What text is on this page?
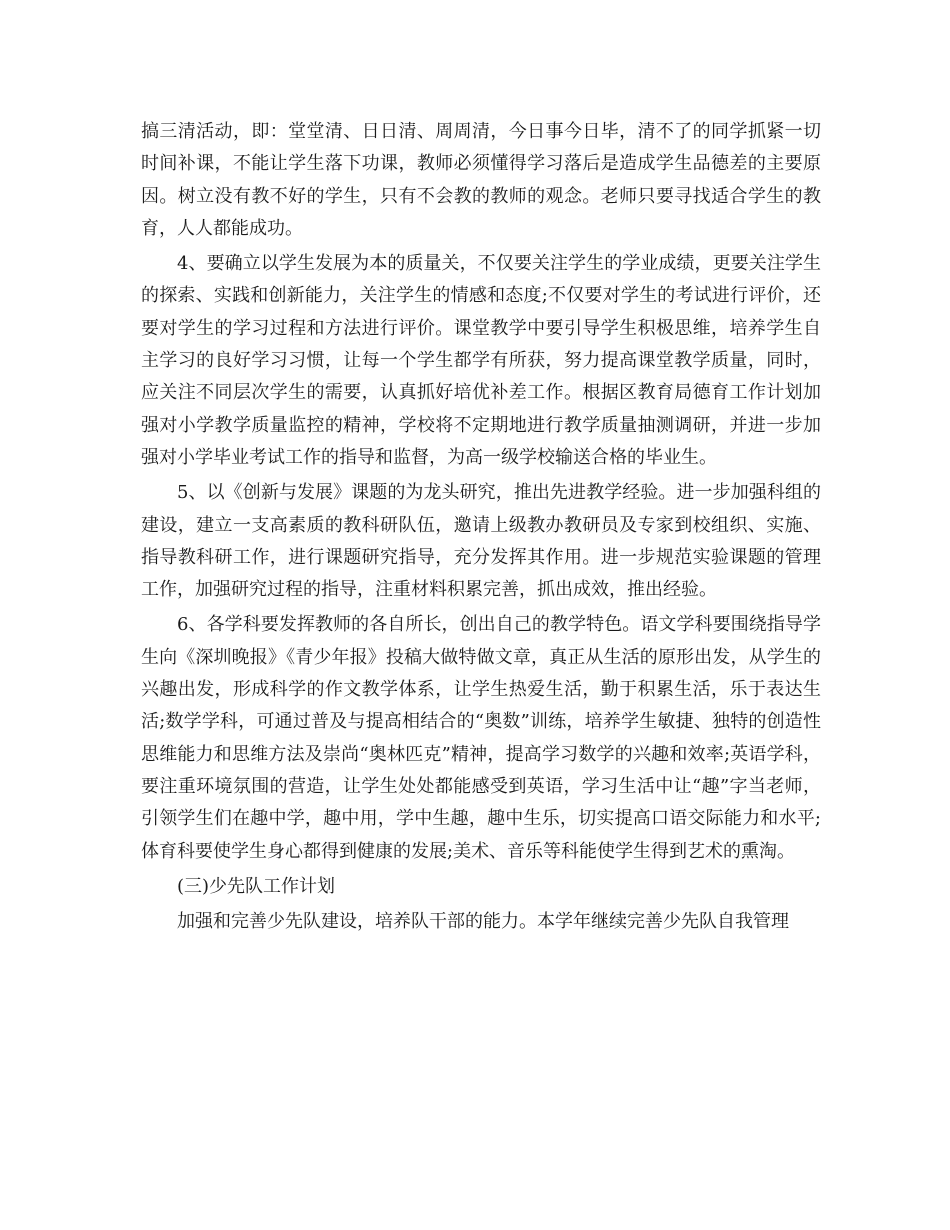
搞三清活动，即：堂堂清、日日清、周周清，今日事今日毕，清不了的同学抓紧一切时间补课，不能让学生落下功课，教师必须懂得学习落后是造成学生品德差的主要原因。树立没有教不好的学生，只有不会教的教师的观念。老师只要寻找适合学生的教育，人人都能成功。

4、要确立以学生发展为本的质量关，不仅要关注学生的学业成绩，更要关注学生的探索、实践和创新能力，关注学生的情感和态度;不仅要对学生的考试进行评价，还要对学生的学习过程和方法进行评价。课堂教学中要引导学生积极思维，培养学生自主学习的良好学习习惯，让每一个学生都学有所获，努力提高课堂教学质量，同时，应关注不同层次学生的需要，认真抓好培优补差工作。根据区教育局德育工作计划加强对小学教学质量监控的精神，学校将不定期地进行教学质量抽测调研，并进一步加强对小学毕业考试工作的指导和监督，为高一级学校输送合格的毕业生。

5、以《创新与发展》课题的为龙头研究，推出先进教学经验。进一步加强科组的建设，建立一支高素质的教科研队伍，邀请上级教办教研员及专家到校组织、实施、指导教科研工作，进行课题研究指导，充分发挥其作用。进一步规范实验课题的管理工作，加强研究过程的指导，注重材料积累完善，抓出成效，推出经验。

6、各学科要发挥教师的各自所长，创出自己的教学特色。语文学科要围绕指导学生向《深圳晚报》《青少年报》投稿大做特做文章，真正从生活的原形出发，从学生的兴趣出发，形成科学的作文教学体系，让学生热爱生活，勤于积累生活，乐于表达生活;数学学科，可通过普及与提高相结合的“奥数”训练，培养学生敏捷、独特的创造性思维能力和思维方法及崇尚“奥林匹克”精神，提高学习数学的兴趣和效率;英语学科，要注重环境氛围的营造，让学生处处都能感受到英语，学习生活中让“趣”字当老师，引领学生们在趣中学，趣中用，学中生趣，趣中生乐，切实提高口语交际能力和水平;体育科要使学生身心都得到健康的发展;美术、音乐等科能使学生得到艺术的熏淘。

(三)少先队工作计划

加强和完善少先队建设，培养队干部的能力。本学年继续完善少先队自我管理
